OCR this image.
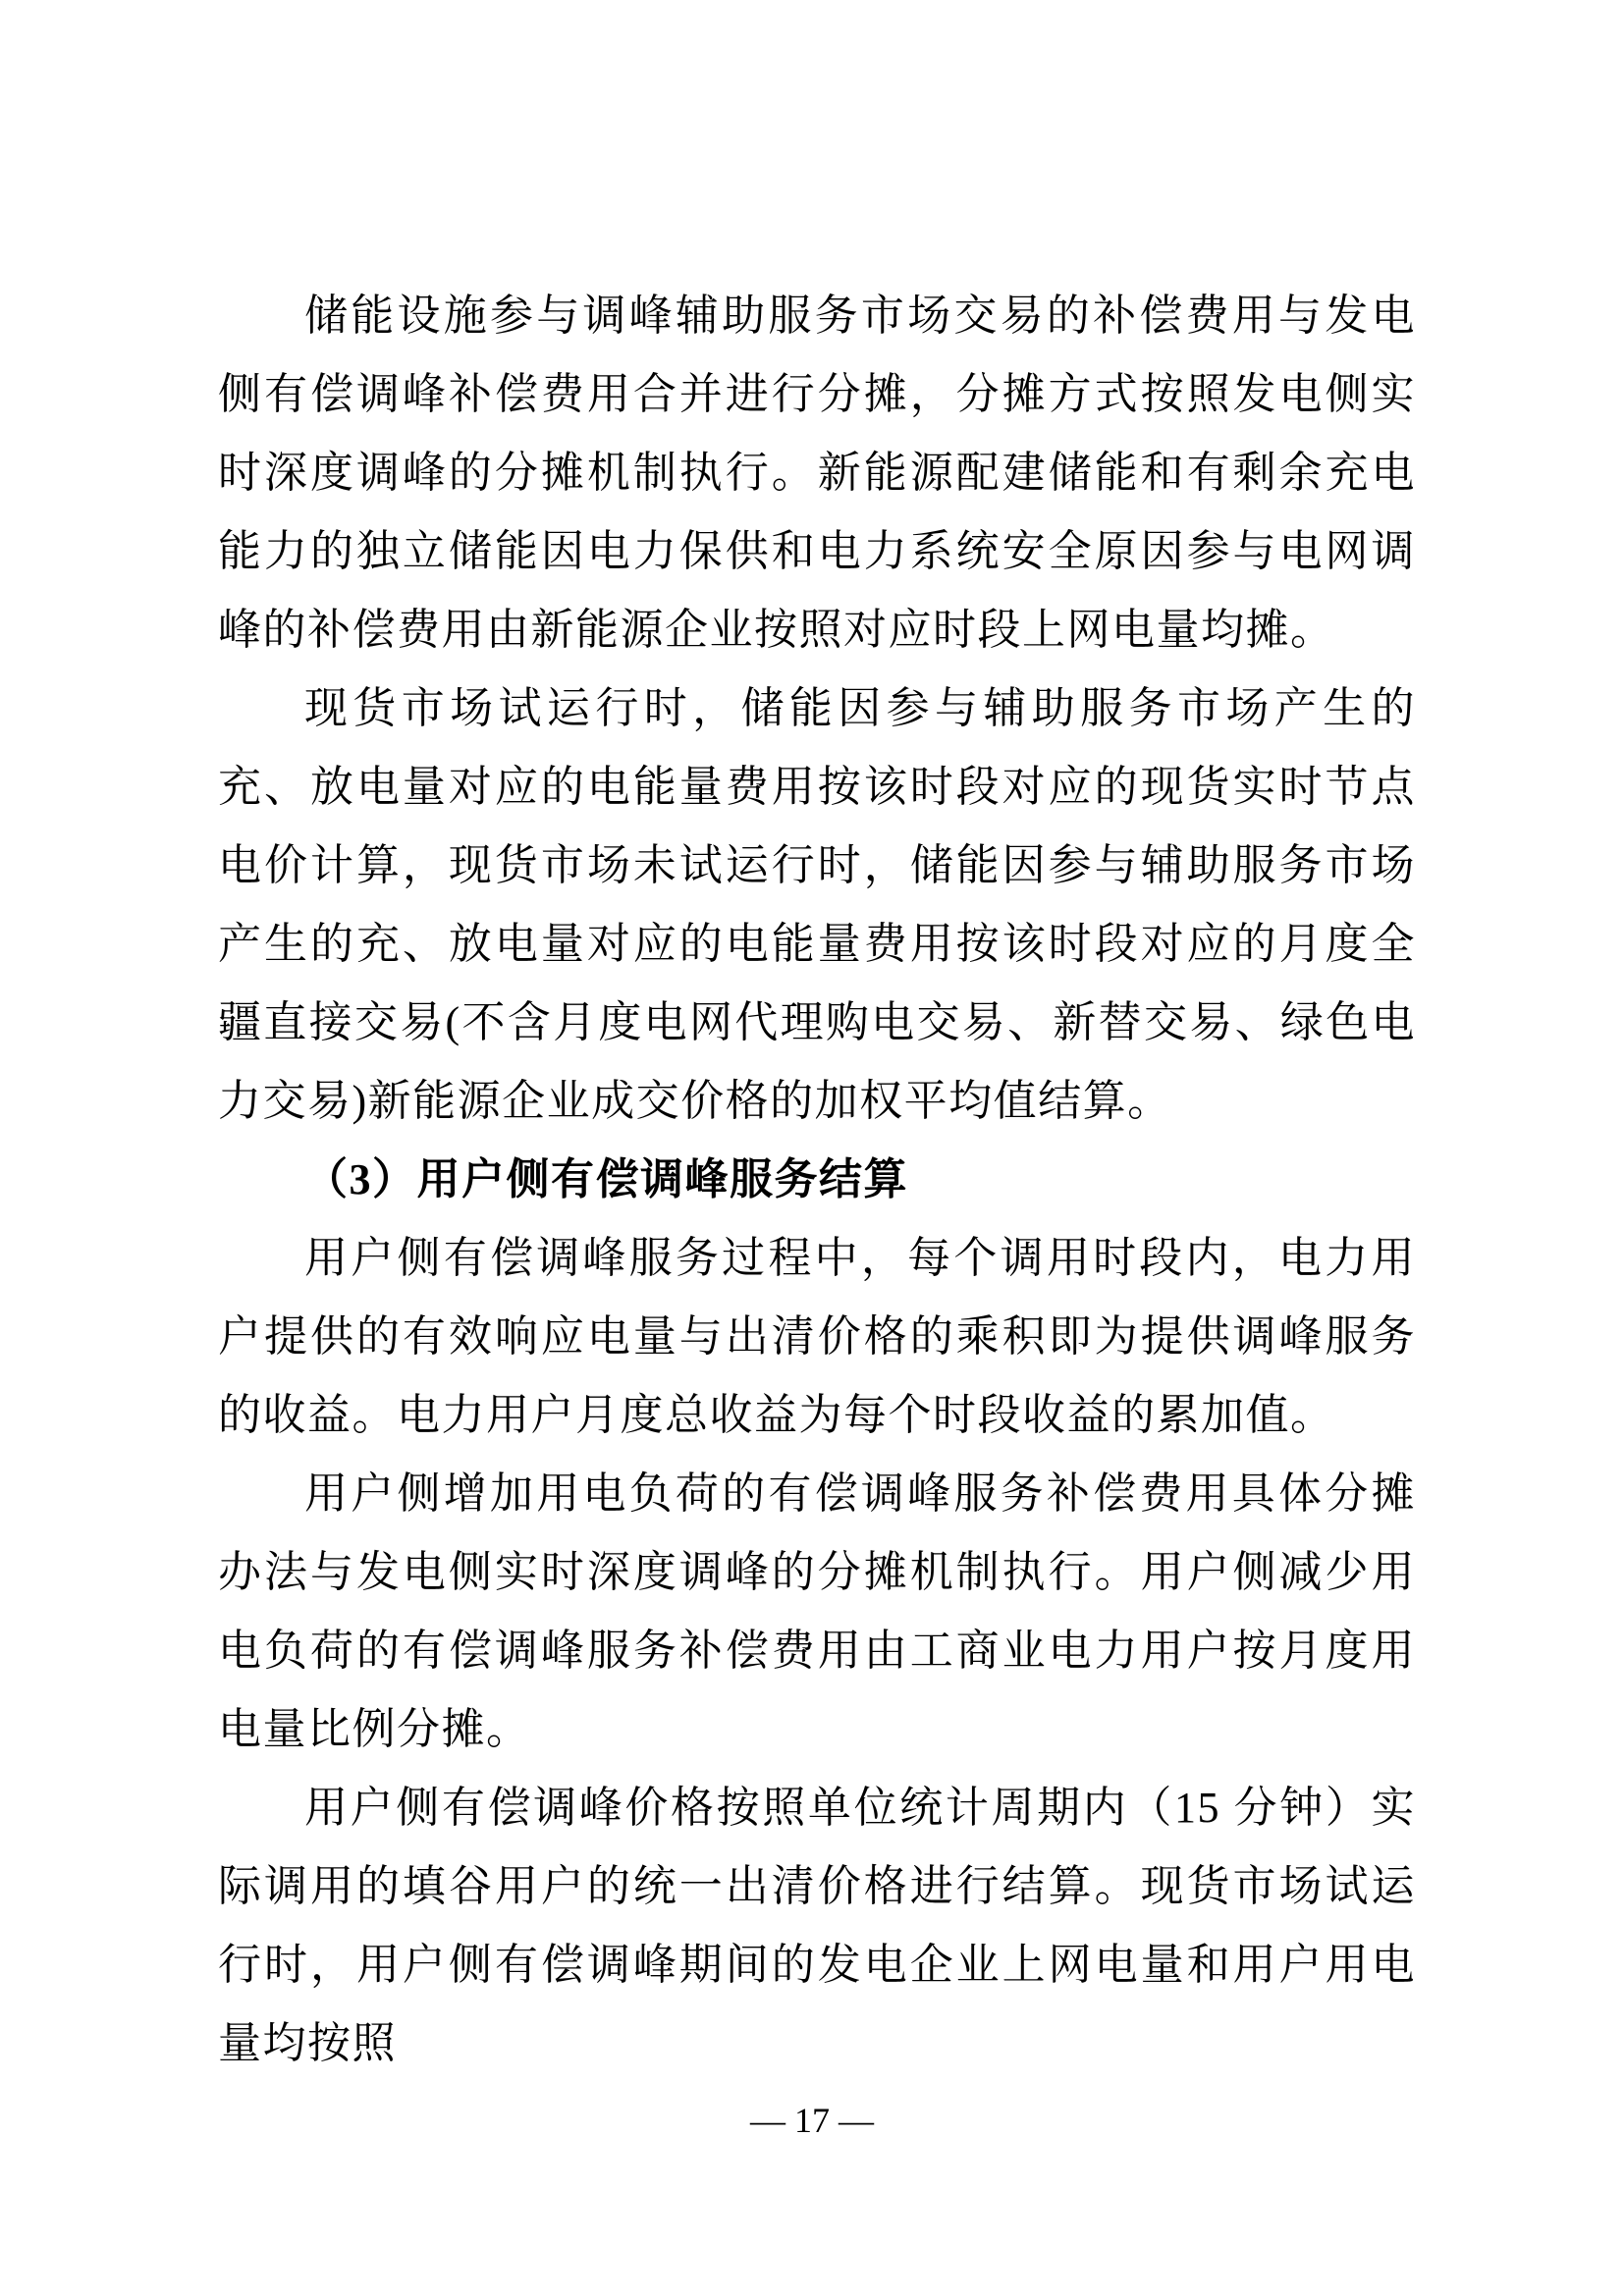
储能设施参与调峰辅助服务市场交易的补偿费用与发电侧有偿调峰补偿费用合并进行分摊，分摊方式按照发电侧实时深度调峰的分摊机制执行。新能源配建储能和有剩余充电能力的独立储能因电力保供和电力系统安全原因参与电网调峰的补偿费用由新能源企业按照对应时段上网电量均摊。

现货市场试运行时，储能因参与辅助服务市场产生的充、放电量对应的电能量费用按该时段对应的现货实时节点电价计算，现货市场未试运行时，储能因参与辅助服务市场产生的充、放电量对应的电能量费用按该时段对应的月度全疆直接交易(不含月度电网代理购电交易、新替交易、绿色电力交易)新能源企业成交价格的加权平均值结算。

（3）用户侧有偿调峰服务结算

用户侧有偿调峰服务过程中，每个调用时段内，电力用户提供的有效响应电量与出清价格的乘积即为提供调峰服务的收益。电力用户月度总收益为每个时段收益的累加值。

用户侧增加用电负荷的有偿调峰服务补偿费用具体分摊办法与发电侧实时深度调峰的分摊机制执行。用户侧减少用电负荷的有偿调峰服务补偿费用由工商业电力用户按月度用电量比例分摊。

用户侧有偿调峰价格按照单位统计周期内（15 分钟）实际调用的填谷用户的统一出清价格进行结算。现货市场试运行时，用户侧有偿调峰期间的发电企业上网电量和用户用电量均按照

— 17 —
